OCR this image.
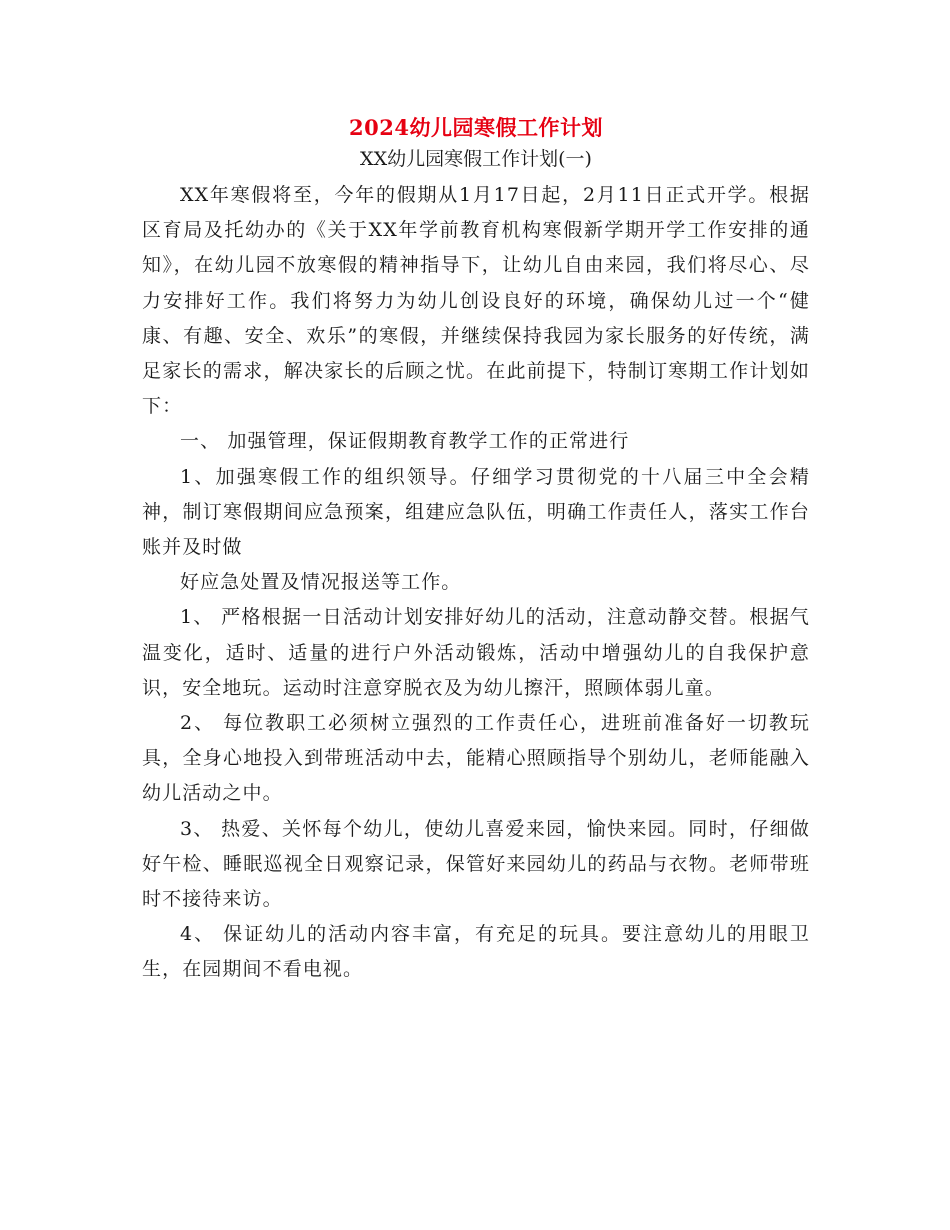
2024幼儿园寒假工作计划

XX幼儿园寒假工作计划(一)

XX年寒假将至，今年的假期从1月17日起，2月11日正式开学。根据区育局及托幼办的《关于XX年学前教育机构寒假新学期开学工作安排的通知》，在幼儿园不放寒假的精神指导下，让幼儿自由来园，我们将尽心、尽力安排好工作。我们将努力为幼儿创设良好的环境，确保幼儿过一个“健康、有趣、安全、欢乐”的寒假，并继续保持我园为家长服务的好传统，满足家长的需求，解决家长的后顾之忧。在此前提下，特制订寒期工作计划如下：

一、 加强管理，保证假期教育教学工作的正常进行

1、加强寒假工作的组织领导。仔细学习贯彻党的十八届三中全会精神，制订寒假期间应急预案，组建应急队伍，明确工作责任人，落实工作台账并及时做

好应急处置及情况报送等工作。

1、 严格根据一日活动计划安排好幼儿的活动，注意动静交替。根据气温变化，适时、适量的进行户外活动锻炼，活动中增强幼儿的自我保护意识，安全地玩。运动时注意穿脱衣及为幼儿擦汗，照顾体弱儿童。

2、 每位教职工必须树立强烈的工作责任心，进班前准备好一切教玩具，全身心地投入到带班活动中去，能精心照顾指导个别幼儿，老师能融入幼儿活动之中。

3、 热爱、关怀每个幼儿，使幼儿喜爱来园，愉快来园。同时，仔细做好午检、睡眠巡视全日观察记录，保管好来园幼儿的药品与衣物。老师带班时不接待来访。

4、 保证幼儿的活动内容丰富，有充足的玩具。要注意幼儿的用眼卫生，在园期间不看电视。
